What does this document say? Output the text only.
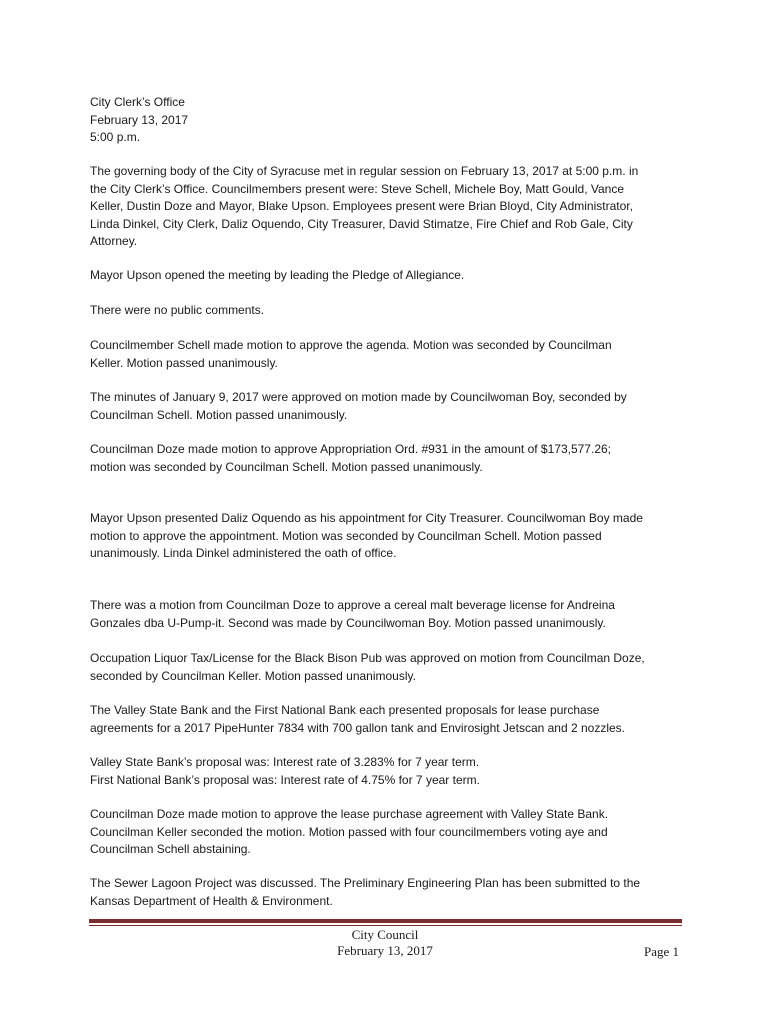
City Clerk’s Office
February 13, 2017
5:00 p.m.
The governing body of the City of Syracuse met in regular session on February 13, 2017 at 5:00 p.m. in
the City Clerk’s Office. Councilmembers present were: Steve Schell, Michele Boy, Matt Gould, Vance
Keller, Dustin Doze and Mayor, Blake Upson. Employees present were Brian Bloyd, City Administrator,
Linda Dinkel, City Clerk, Daliz Oquendo, City Treasurer, David Stimatze, Fire Chief and Rob Gale, City
Attorney.
Mayor Upson opened the meeting by leading the Pledge of Allegiance.
There were no public comments.
Councilmember Schell made motion to approve the agenda. Motion was seconded by Councilman
Keller. Motion passed unanimously.
The minutes of January 9, 2017 were approved on motion made by Councilwoman Boy, seconded by
Councilman Schell. Motion passed unanimously.
Councilman Doze made motion to approve Appropriation Ord. #931 in the amount of $173,577.26;
motion was seconded by Councilman Schell. Motion passed unanimously.
Mayor Upson presented Daliz Oquendo as his appointment for City Treasurer. Councilwoman Boy made
motion to approve the appointment. Motion was seconded by Councilman Schell. Motion passed
unanimously. Linda Dinkel administered the oath of office.
There was a motion from Councilman Doze to approve a cereal malt beverage license for Andreina
Gonzales dba U-Pump-it. Second was made by Councilwoman Boy. Motion passed unanimously.
Occupation Liquor Tax/License for the Black Bison Pub was approved on motion from Councilman Doze,
seconded by Councilman Keller. Motion passed unanimously.
The Valley State Bank and the First National Bank each presented proposals for lease purchase
agreements for a 2017 PipeHunter 7834 with 700 gallon tank and Envirosight Jetscan and 2 nozzles.
Valley State Bank’s proposal was: Interest rate of 3.283% for 7 year term.
First National Bank’s proposal was: Interest rate of 4.75% for 7 year term.
Councilman Doze made motion to approve the lease purchase agreement with Valley State Bank.
Councilman Keller seconded the motion. Motion passed with four councilmembers voting aye and
Councilman Schell abstaining.
The Sewer Lagoon Project was discussed. The Preliminary Engineering Plan has been submitted to the
Kansas Department of Health & Environment.
City Council
February 13, 2017	Page 1
